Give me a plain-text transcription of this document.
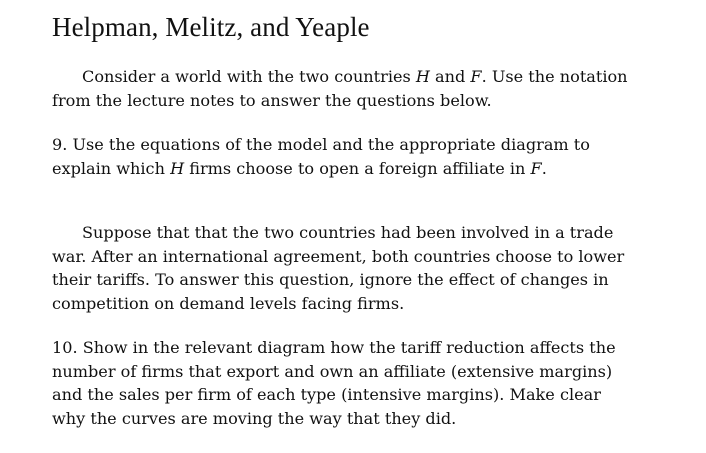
Helpman, Melitz, and Yeaple

Consider a world with the two countries H and F. Use the notation
from the lecture notes to answer the questions below.

9. Use the equations of the model and the appropriate diagram to
explain which H firms choose to open a foreign affiliate in F.

Suppose that that the two countries had been involved in a trade
war. After an international agreement, both countries choose to lower
their tariffs. To answer this question, ignore the effect of changes in
competition on demand levels facing firms.

10. Show in the relevant diagram how the tariff reduction affects the
number of firms that export and own an affiliate (extensive margins)
and the sales per firm of each type (intensive margins). Make clear
why the curves are moving the way that they did.
